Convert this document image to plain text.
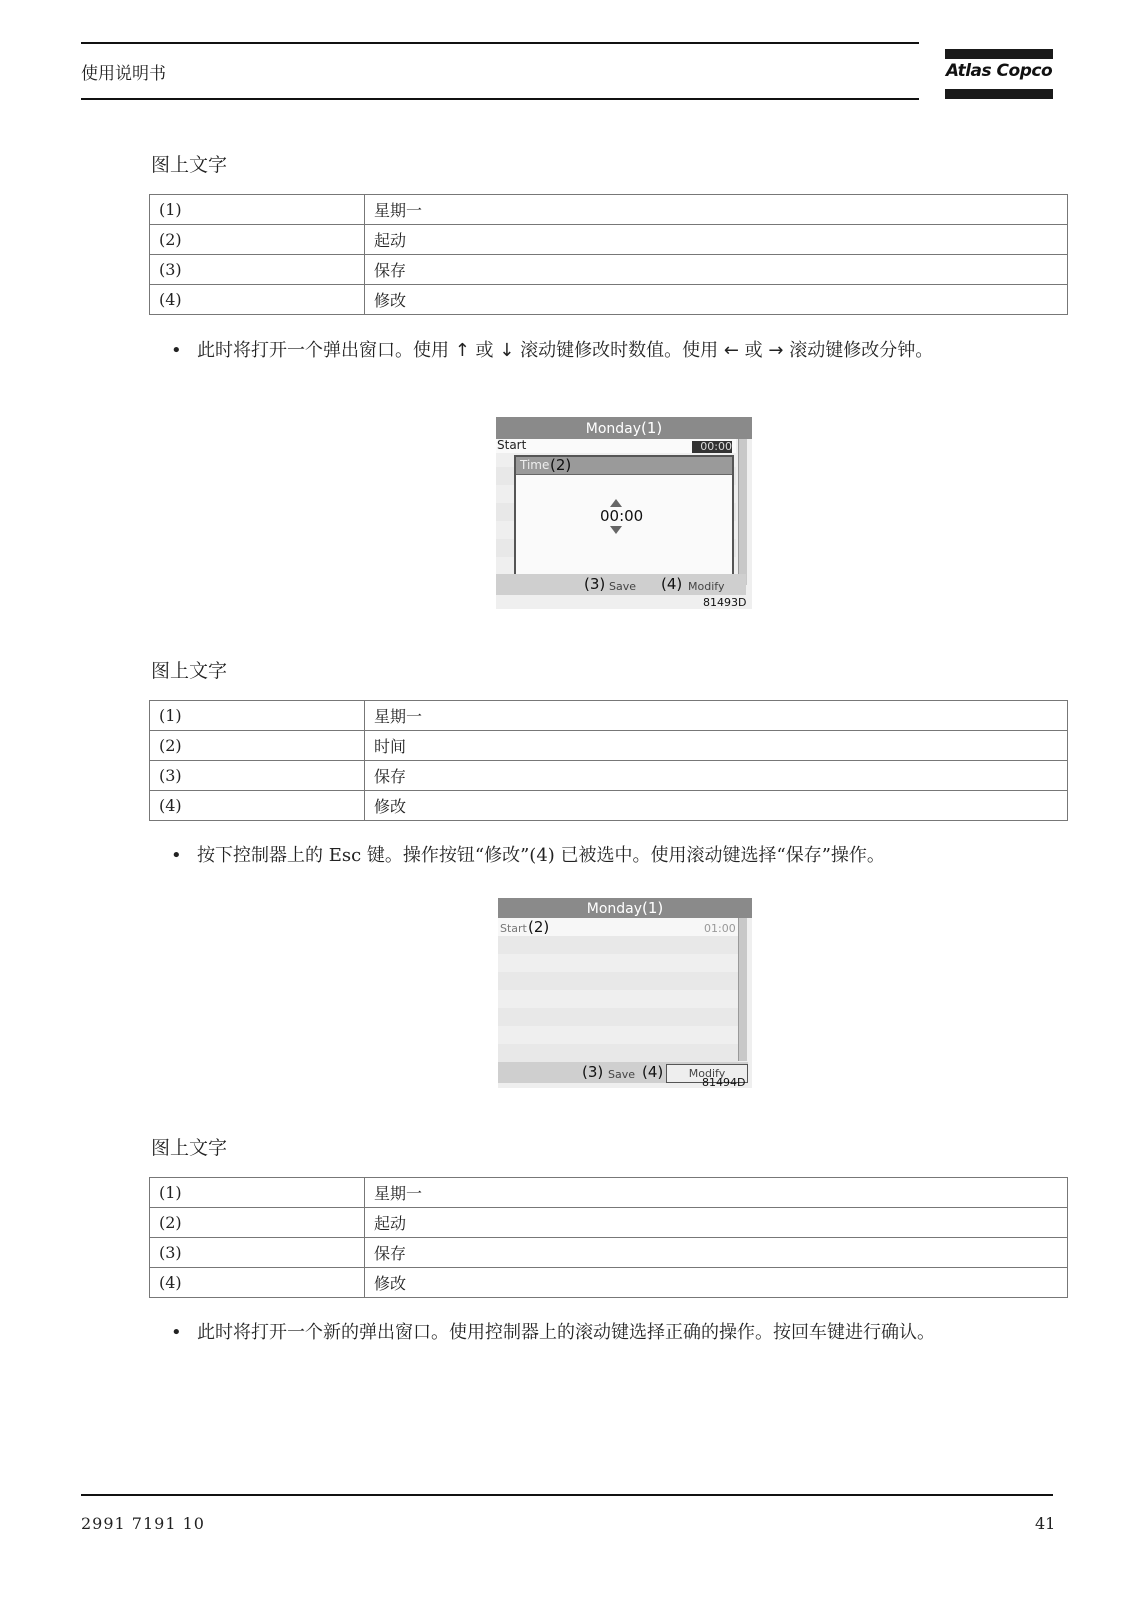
使用说明书	Atlas Copco
图上文字
(1)	星期一
(2)	起动
(3)	保存
(4)	修改
• 此时将打开一个弹出窗口。使用 ↑ 或 ↓ 滚动键修改时数值。使用 ← 或 → 滚动键修改分钟。
Monday(1)
Start	00:00
Time (2)
00:00
(3) Save (4) Modify
81493D
图上文字
(1)	星期一
(2)	时间
(3)	保存
(4)	修改
• 按下控制器上的 Esc 键。操作按钮“修改”(4) 已被选中。使用滚动键选择“保存”操作。
Monday(1)
Start (2)	01:00
(3) Save (4)	Modify
81494D
图上文字
(1)	星期一
(2)	起动
(3)	保存
(4)	修改
• 此时将打开一个新的弹出窗口。使用控制器上的滚动键选择正确的操作。按回车键进行确认。
2991 7191 10	41
